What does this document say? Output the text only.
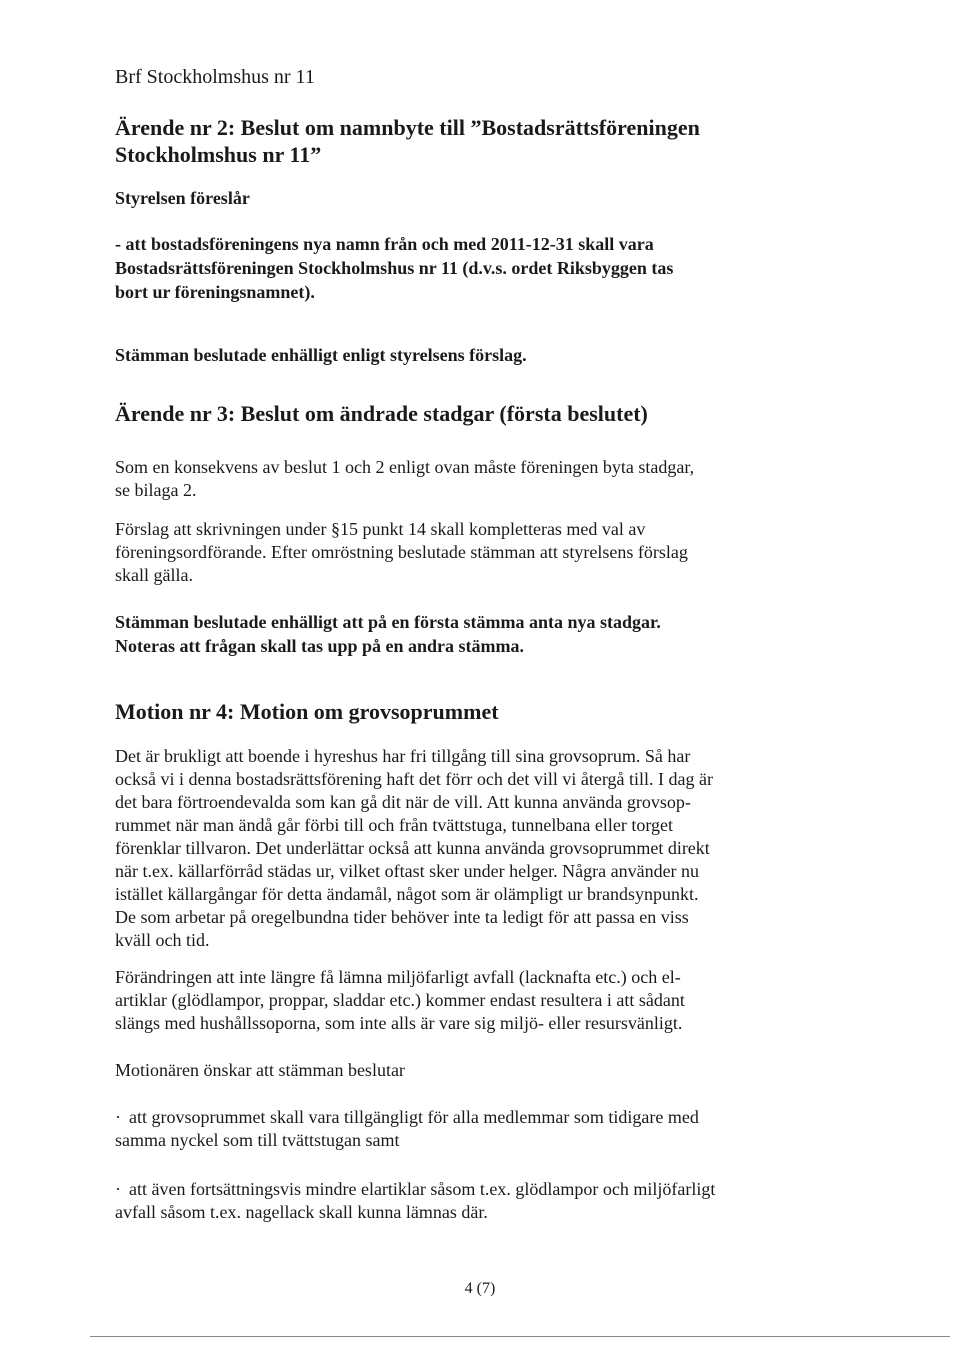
Brf Stockholmshus nr 11
Ärende nr 2: Beslut om namnbyte till ”Bostadsrättsföreningen
Stockholmshus nr 11”
Styrelsen föreslår
- att bostadsföreningens nya namn från och med 2011-12-31 skall vara
Bostadsrättsföreningen Stockholmshus nr 11 (d.v.s. ordet Riksbyggen tas
bort ur föreningsnamnet).
Stämman beslutade enhälligt enligt styrelsens förslag.
Ärende nr 3: Beslut om ändrade stadgar (första beslutet)
Som en konsekvens av beslut 1 och 2 enligt ovan måste föreningen byta stadgar,
se bilaga 2.
Förslag att skrivningen under §15 punkt 14 skall kompletteras med val av
föreningsordförande. Efter omröstning beslutade stämman att styrelsens förslag
skall gälla.
Stämman beslutade enhälligt att på en första stämma anta nya stadgar.
Noteras att frågan skall tas upp på en andra stämma.
Motion nr 4: Motion om grovsoprummet
Det är brukligt att boende i hyreshus har fri tillgång till sina grovsoprum. Så har
också vi i denna bostadsrättsförening haft det förr och det vill vi återgå till. I dag är
det bara förtroendevalda som kan gå dit när de vill. Att kunna använda grovsop-
rummet när man ändå går förbi till och från tvättstuga, tunnelbana eller torget
förenklar tillvaron. Det underlättar också att kunna använda grovsoprummet direkt
när t.ex. källarförråd städas ur, vilket oftast sker under helger. Några använder nu
istället källargångar för detta ändamål, något som är olämpligt ur brandsynpunkt.
De som arbetar på oregelbundna tider behöver inte ta ledigt för att passa en viss
kväll och tid.
Förändringen att inte längre få lämna miljöfarligt avfall (lacknafta etc.) och el-
artiklar (glödlampor, proppar, sladdar etc.) kommer endast resultera i att sådant
slängs med hushållssoporna, som inte alls är vare sig miljö- eller resursvänligt.
Motionären önskar att stämman beslutar
· att grovsoprummet skall vara tillgängligt för alla medlemmar som tidigare med
samma nyckel som till tvättstugan samt
· att även fortsättningsvis mindre elartiklar såsom t.ex. glödlampor och miljöfarligt
avfall såsom t.ex. nagellack skall kunna lämnas där.
4 (7)
